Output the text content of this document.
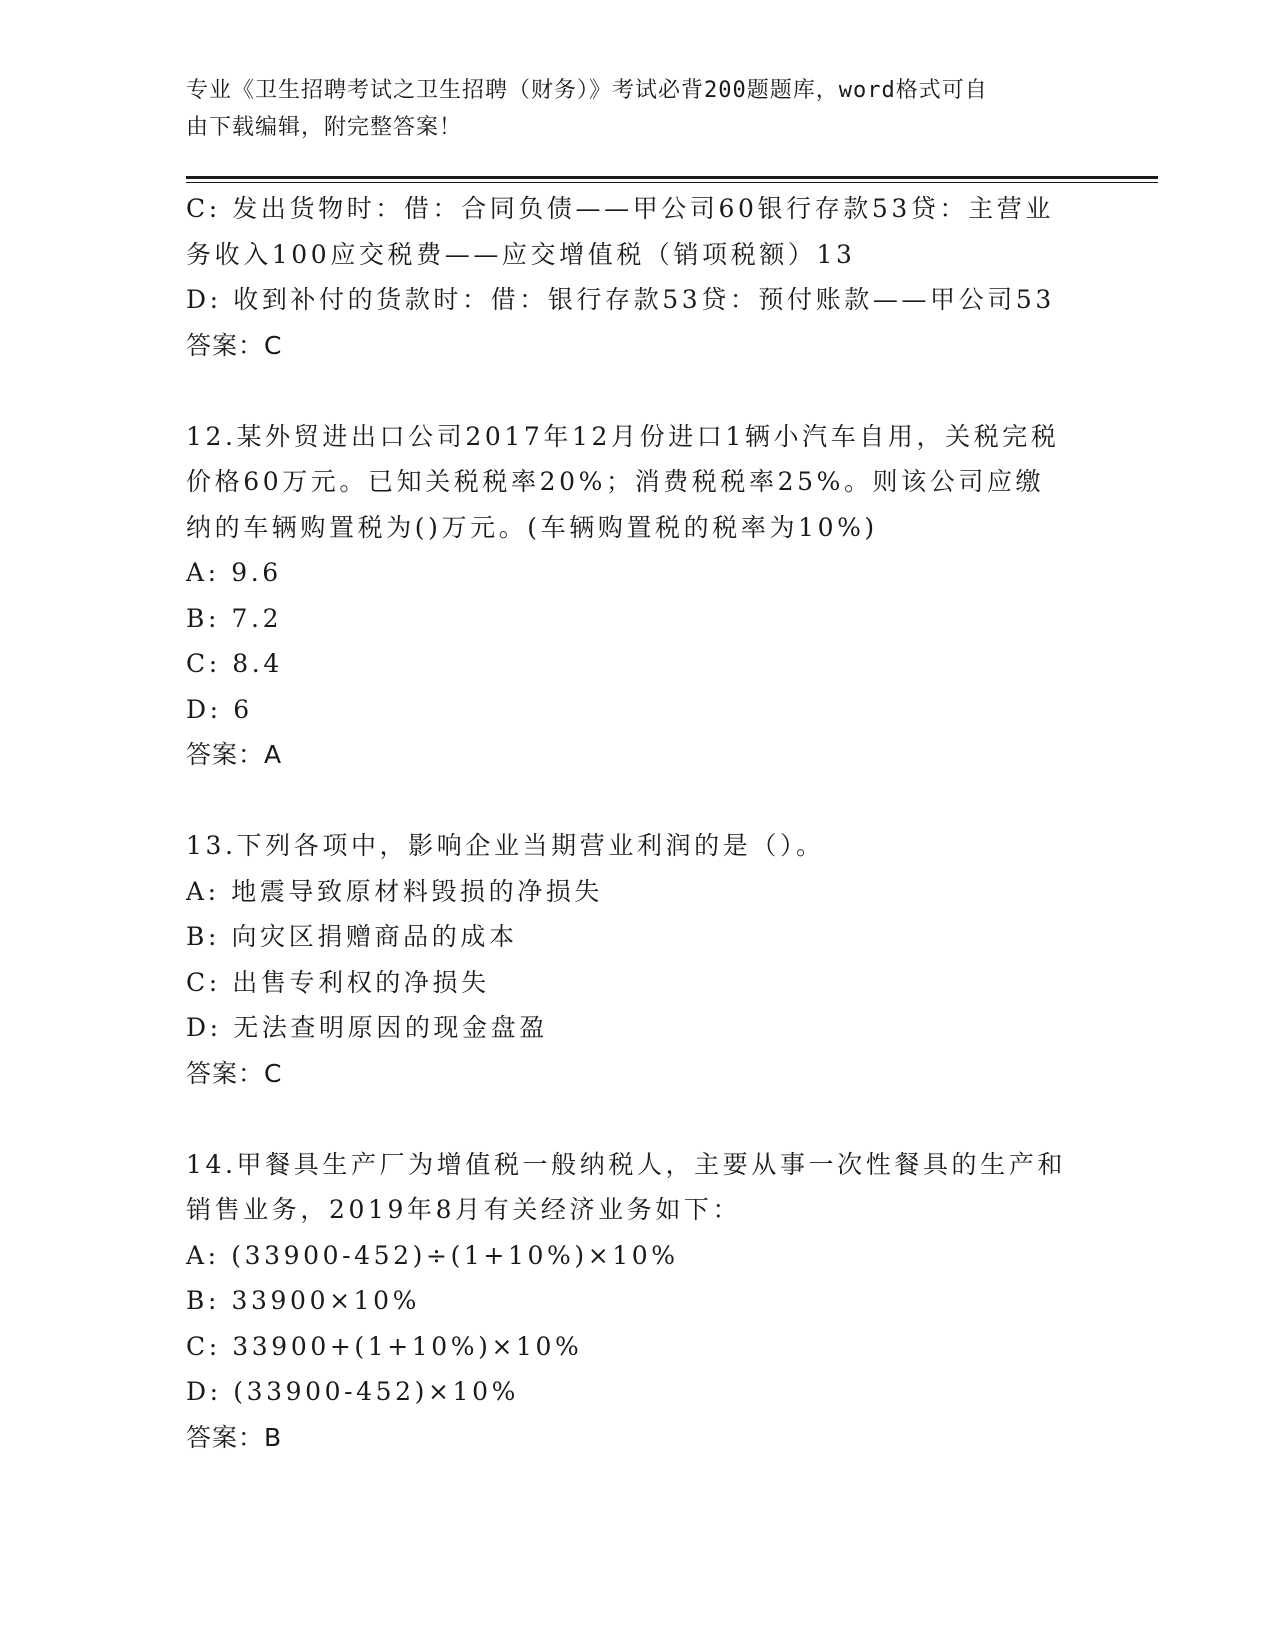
专业《卫生招聘考试之卫生招聘（财务）》考试必背200题题库，word格式可自
由下载编辑，附完整答案！
C: 发出货物时：借：合同负债——甲公司60银行存款53贷：主营业
务收入100应交税费——应交增值税（销项税额）13
D: 收到补付的货款时：借：银行存款53贷：预付账款——甲公司53
答案：C
12.某外贸进出口公司2017年12月份进口1辆小汽车自用，关税完税
价格60万元。已知关税税率20%；消费税税率25%。则该公司应缴
纳的车辆购置税为()万元。(车辆购置税的税率为10%)
A: 9.6
B: 7.2
C: 8.4
D: 6
答案：A
13.下列各项中，影响企业当期营业利润的是（）。
A: 地震导致原材料毁损的净损失
B: 向灾区捐赠商品的成本
C: 出售专利权的净损失
D: 无法查明原因的现金盘盈
答案：C
14.甲餐具生产厂为增值税一般纳税人，主要从事一次性餐具的生产和
销售业务，2019年8月有关经济业务如下：
A: (33900-452)÷(1+10%)×10%
B: 33900×10%
C: 33900+(1+10%)×10%
D: (33900-452)×10%
答案：B
